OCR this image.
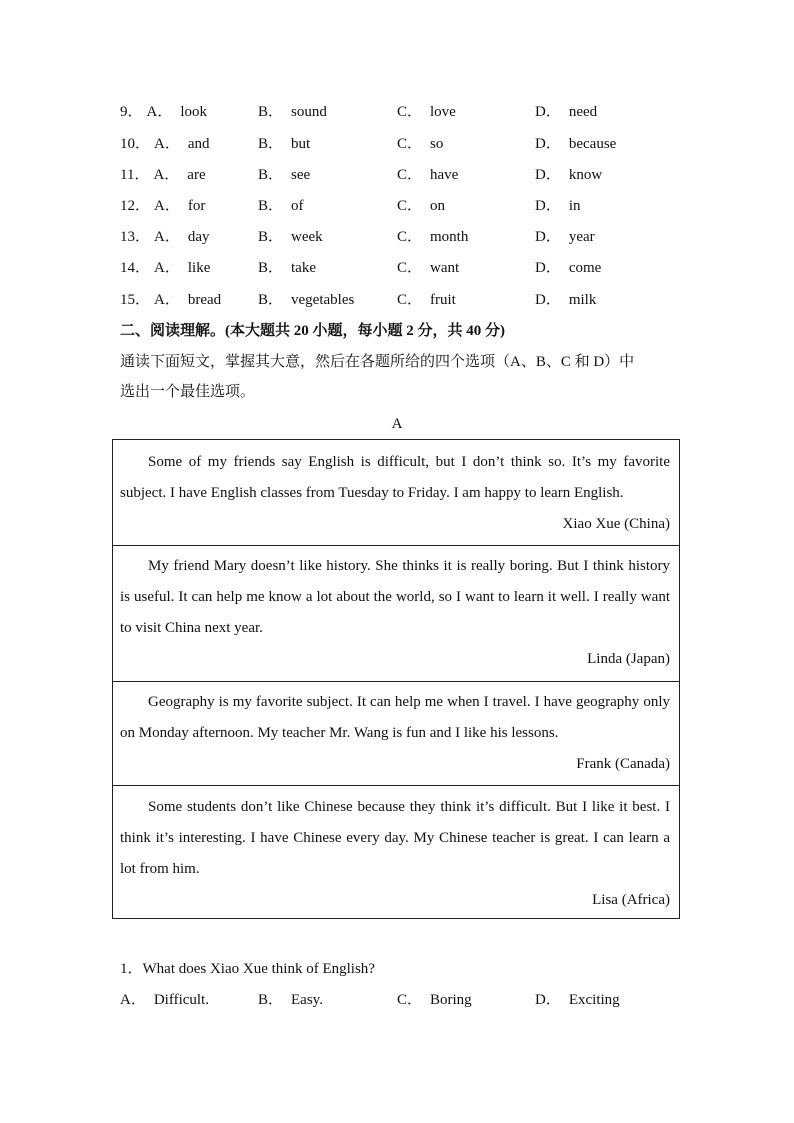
9． A． look	B． sound	C． love	D． need
10． A． and	B． but	C． so	D． because
11． A． are	B． see	C． have	D． know
12． A． for	B． of	C． on	D． in
13． A． day	B． week	C． month	D． year
14． A． like	B． take	C． want	D． come
15． A． bread B． vegetables	C． fruit	D． milk
二、阅读理解。(本大题共 20 小题，每小题 2 分，共 40 分)
通读下面短文，掌握其大意，然后在各题所给的四个选项（A、B、C 和 D）中
选出一个最佳选项。
A

Some of my friends say English is difficult, but I don’t think so. It’s my favorite subject. I have English classes from Tuesday to Friday. I am happy to learn English.

Xiao Xue (China)

My friend Mary doesn’t like history. She thinks it is really boring. But I think history is useful. It can help me know a lot about the world, so I want to learn it well. I really want to visit China next year.

Linda (Japan)

Geography is my favorite subject. It can help me when I travel. I have geography only on Monday afternoon. My teacher Mr. Wang is fun and I like his lessons.

Frank (Canada)

Some students don’t like Chinese because they think it’s difficult. But I like it best. I think it’s interesting. I have Chinese every day. My Chinese teacher is great. I can learn a lot from him.

Lisa (Africa)
1．What does Xiao Xue think of English?
A． Difficult.	B． Easy.	C． Boring	D． Exciting
